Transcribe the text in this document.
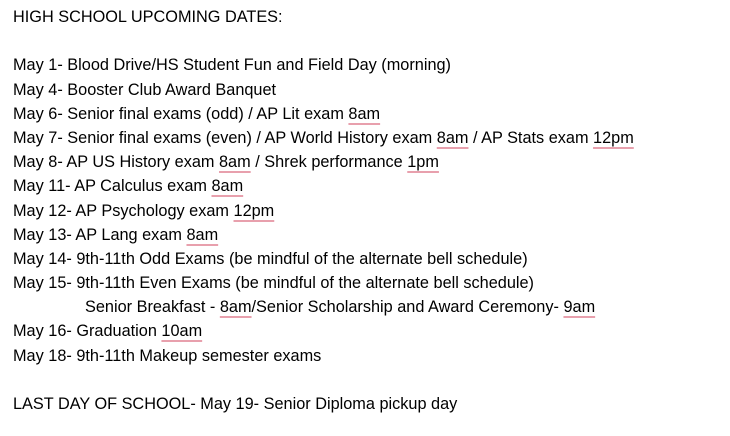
HIGH SCHOOL UPCOMING DATES:
May 1- Blood Drive/HS Student Fun and Field Day (morning)
May 4- Booster Club Award Banquet
May 6- Senior final exams (odd) / AP Lit exam 8am
May 7- Senior final exams (even) / AP World History exam 8am / AP Stats exam 12pm
May 8- AP US History exam 8am / Shrek performance 1pm
May 11- AP Calculus exam 8am
May 12- AP Psychology exam 12pm
May 13- AP Lang exam 8am
May 14- 9th-11th Odd Exams (be mindful of the alternate bell schedule)
May 15- 9th-11th Even Exams (be mindful of the alternate bell schedule)
Senior Breakfast - 8am/Senior Scholarship and Award Ceremony- 9am
May 16- Graduation 10am
May 18- 9th-11th Makeup semester exams
LAST DAY OF SCHOOL- May 19- Senior Diploma pickup day
